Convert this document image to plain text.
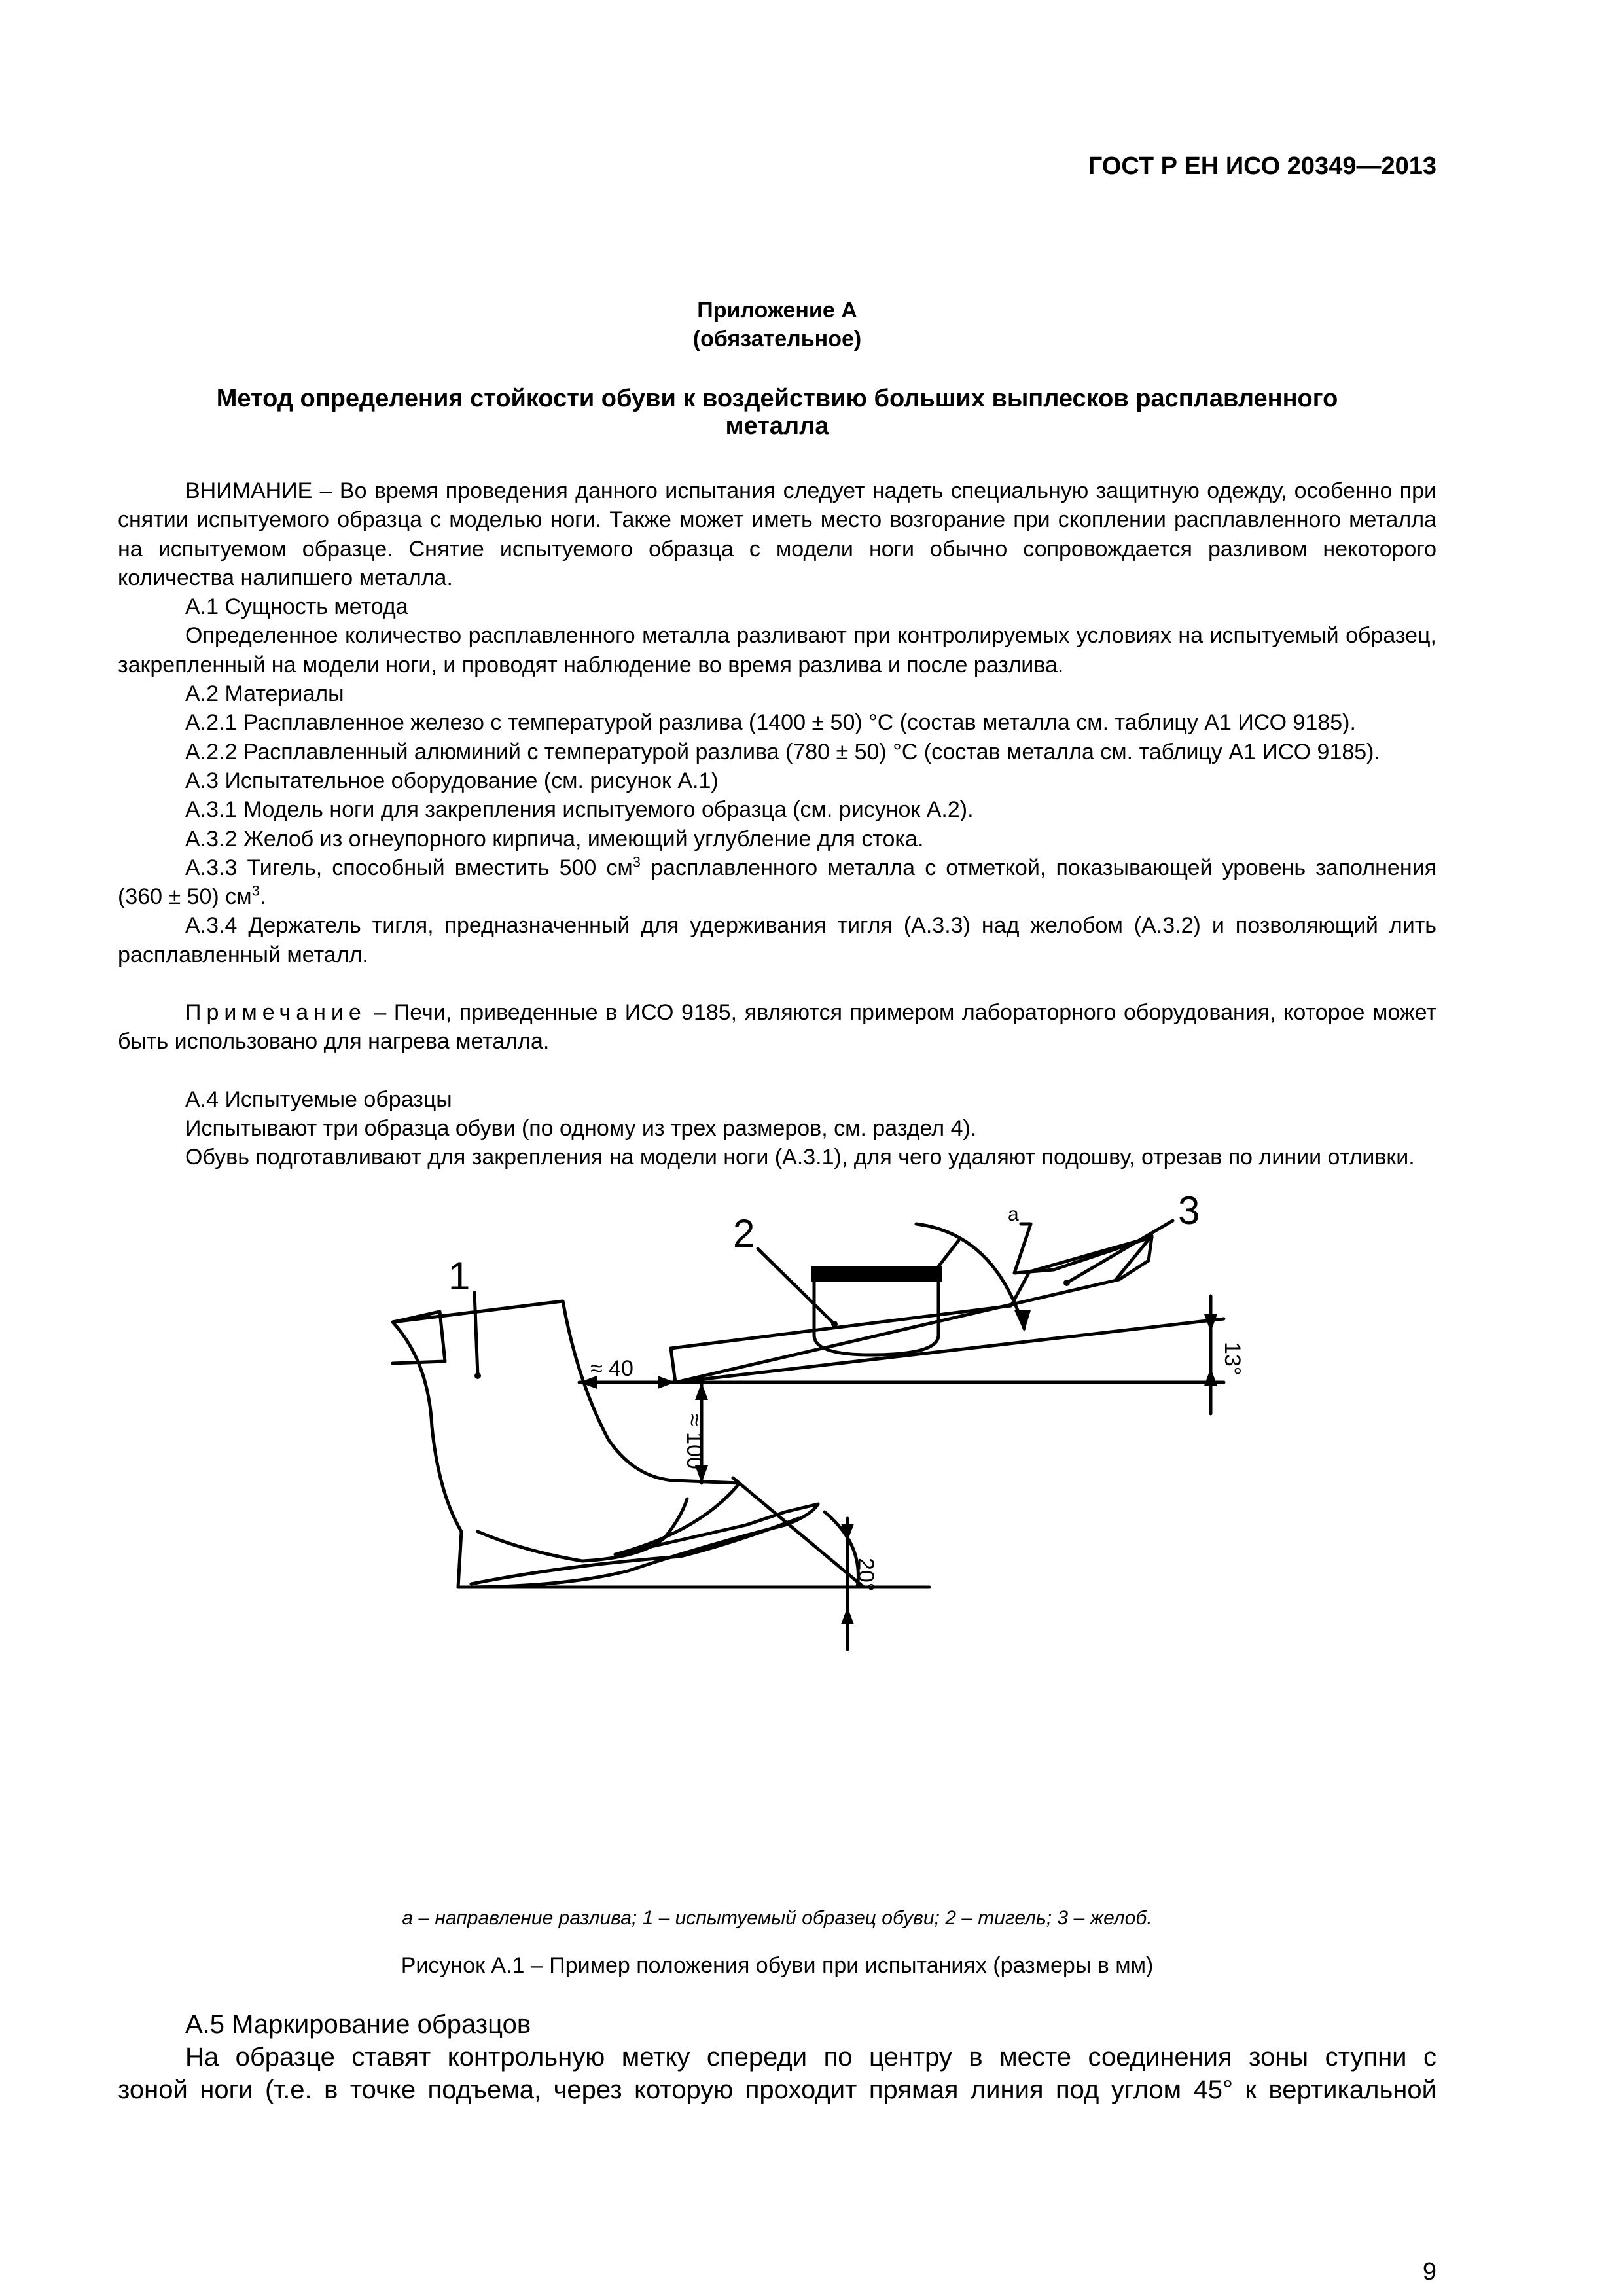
ГОСТ Р ЕН ИСО 20349—2013
Приложение А
(обязательное)
Метод определения стойкости обуви к воздействию больших выплесков расплавленного
металла

ВНИМАНИЕ – Во время проведения данного испытания следует надеть специальную защитную одежду, особенно при снятии испытуемого образца с моделью ноги. Также может иметь место возгорание при скоплении расплавленного металла на испытуемом образце. Снятие испытуемого образца с модели ноги обычно сопровождается разливом некоторого количества налипшего металла.

А.1 Сущность метода

Определенное количество расплавленного металла разливают при контролируемых условиях на испытуемый образец, закрепленный на модели ноги, и проводят наблюдение во время разлива и после разлива.

А.2 Материалы

А.2.1 Расплавленное железо с температурой разлива (1400 ± 50) °С (состав металла см. таблицу А1 ИСО 9185).

А.2.2 Расплавленный алюминий с температурой разлива (780 ± 50) °С (состав металла см. таблицу А1 ИСО 9185).

А.3 Испытательное оборудование (см. рисунок А.1)

А.3.1 Модель ноги для закрепления испытуемого образца (см. рисунок А.2).

А.3.2 Желоб из огнеупорного кирпича, имеющий углубление для стока.

А.3.3 Тигель, способный вместить 500 $см^3$ расплавленного металла с отметкой, показывающей уровень заполнения (360 ± 50) $см^3$.

А.3.4 Держатель тигля, предназначенный для удерживания тигля (А.3.3) над желобом (А.3.2) и позволяющий лить расплавленный металл.

Примечание – Печи, приведенные в ИСО 9185, являются примером лабораторного оборудования, которое может быть использовано для нагрева металла.

А.4 Испытуемые образцы

Испытывают три образца обуви (по одному из трех размеров, см. раздел 4).

Обувь подготавливают для закрепления на модели ноги (А.3.1), для чего удаляют подошву, отрезав по линии отливки.

1
2
3
a
≈ 40
≈ 100
13°
20°
а – направление разлива; 1 – испытуемый образец обуви; 2 – тигель; 3 – желоб.
Рисунок А.1 – Пример положения обуви при испытаниях (размеры в мм)

А.5 Маркирование образцов

На образце ставят контрольную метку спереди по центру в месте соединения зоны ступни с

зоной ноги (т.е. в точке подъема, через которую проходит прямая линия под углом 45° к вертикальной

9
